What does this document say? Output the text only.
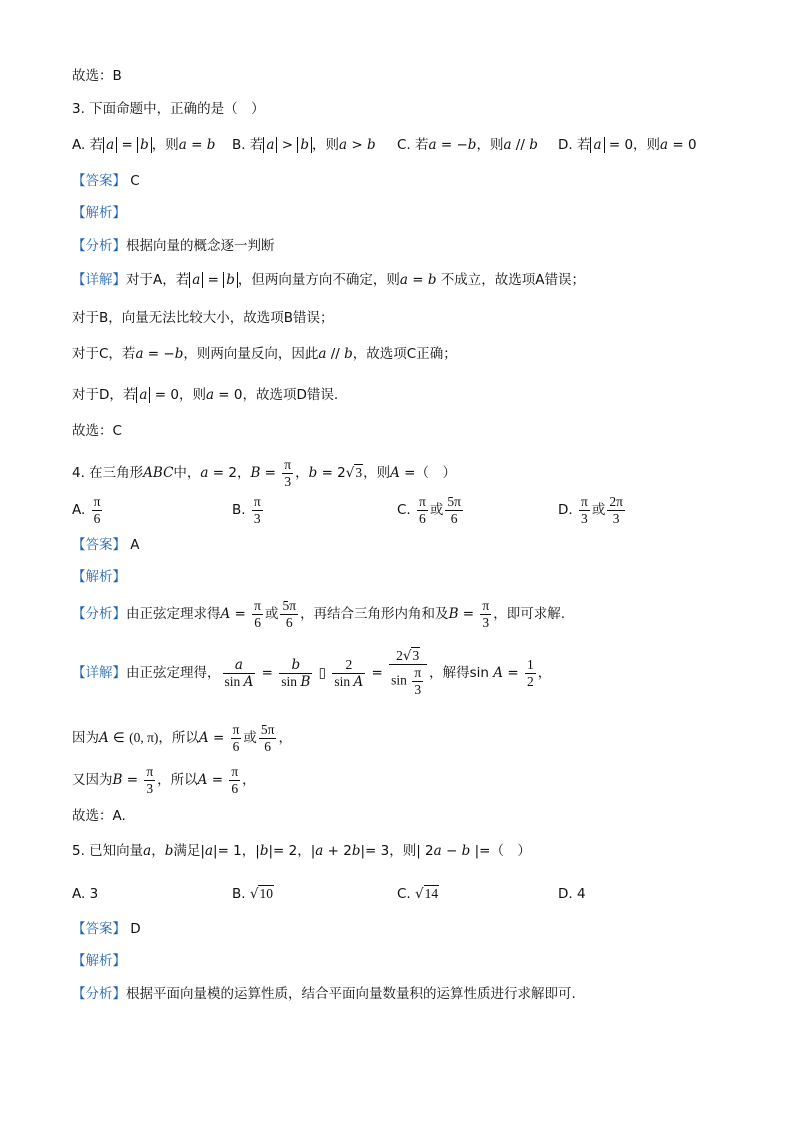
故选：B
3. 下面命题中，正确的是（　）
A. 若 a = b ，则a = b B. 若 a > b ，则a > b C. 若a = −b，则a // b D. 若 a = 0，则a = 0
【答案】 C
【解析】
【分析】根据向量的概念逐一判断
【详解】对于A，若 a = b ，但两向量方向不确定，则a = b 不成立，故选项A错误；
对于B，向量无法比较大小，故选项B错误；
对于C，若a = −b，则两向量反向，因此a // b，故选项C正确；
对于D，若 a = 0，则a = 0，故选项D错误.
故选：C
4. 在三角形ABC中，a = 2，$B = \frac{\pi}{3}$ ，b = 2√3，则A =（　）
A. $\frac{\pi}{6}$	B. $\frac{\pi}{3}$	C. $\frac{\pi}{6}$ 或 $\frac{5\pi}{6}$	D. $\frac{\pi}{3}$ 或 $\frac{2\pi}{3}$
【答案】 A
【解析】
【分析】由正弦定理求得$A = \frac{\pi}{6}$ 或 $\frac{5\pi}{6}$ ，再结合三角形内角和及$B = \frac{\pi}{3}$ ，即可求解.
【详解】由正弦定理得， $\frac{a}{\text{sin A}} = \frac{b}{\text{sin B}}$ ▯ $\frac{2}{\text{sin A}} = \frac{2√3}{\sin \frac{\pi}{3}}$ ，解得$\sin A = \frac{1}{2}$ ，
因为A ∈ (0, π)，所以$A = \frac{\pi}{6}$ 或 $\frac{5\pi}{6}$ ，
又因为$B = \frac{\pi}{3}$ ，所以$A = \frac{\pi}{6}$ ，
故选：A.
5. 已知向量a，b满足|a|= 1，|b|= 2，|a + 2b|= 3，则| 2a − b |=（　）
A. 3	B. √10	C. √14	D. 4
【答案】 D
【解析】
【分析】根据平面向量模的运算性质，结合平面向量数量积的运算性质进行求解即可.
